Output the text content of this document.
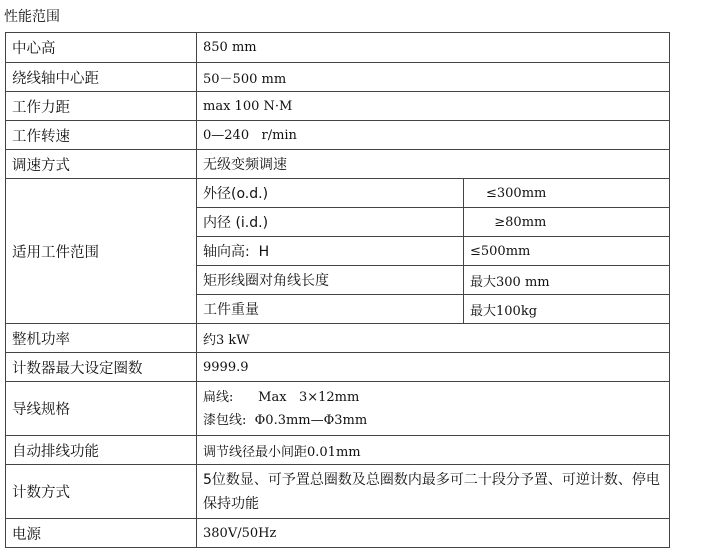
性能范围
中心高	850 mm	
绕线轴中心距	50－500 mm	
工作力距	max 100 N·M	
工作转速	0—240   r/min	
调速方式	无级变频调速	
适用工件范围	外径(o.d.)	≤300mm
	内径 (i.d.)	≥80mm
	轴向高:  H	≤500mm
	矩形线圈对角线长度	最大300 mm
	工件重量	最大100kg
整机功率	约3 kW	
计数器最大设定圈数	9999.9	
导线规格	扁线:      Max   3×12mm
漆包线:  Φ0.3mm—Φ3mm	

自动排线功能	调节线径最小间距0.01mm	
计数方式	5位数显、可予置总圈数及总圈数内最多可二十段分予置、可逆计数、停电保持功能	
电源	380V/50Hz	
